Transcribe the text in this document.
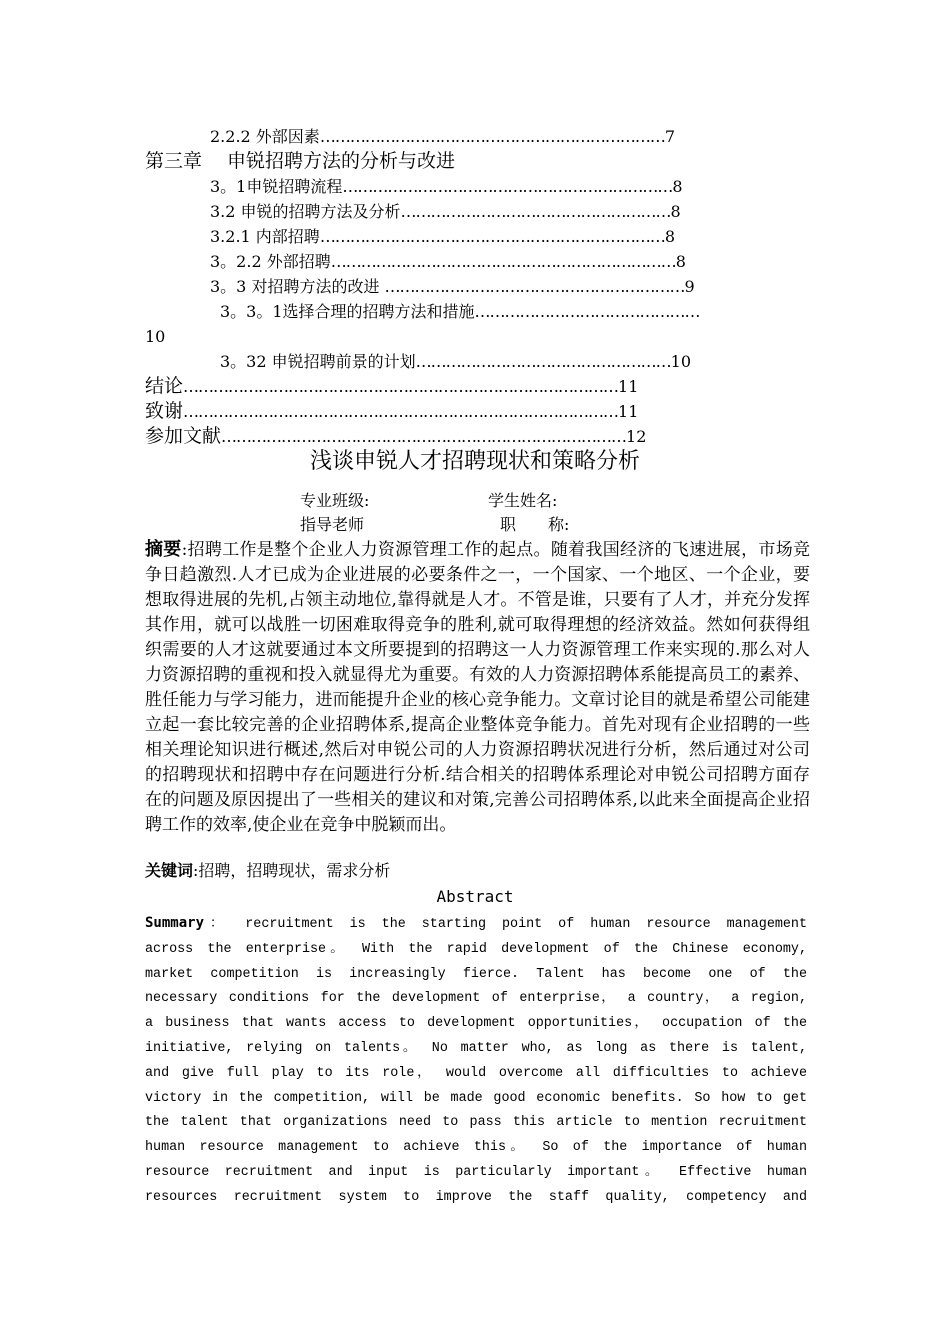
2.2.2 外部因素……………………………………………………………7
第三章　 申锐招聘方法的分析与改进
3。1申锐招聘流程…………………………………………………………8
3.2 申锐的招聘方法及分析………………………………………………8
3.2.1 内部招聘……………………………………………………………8
3。2.2 外部招聘……………………………………………………………8
3。3 对招聘方法的改进 ……………………………………………………9
3。3。1选择合理的招聘方法和措施………………………………………
10
3。32 申锐招聘前景的计划……………………………………………10
结论……………………………………………………………………………11
致谢……………………………………………………………………………11
参加文献………………………………………………………………………12
浅谈申锐人才招聘现状和策略分析
专业班级:	学生姓名:
指导老师	职　　称:
摘要:招聘工作是整个企业人力资源管理工作的起点。随着我国经济的飞速进展，市场竞争日趋激烈.人才已成为企业进展的必要条件之一，一个国家、一个地区、一个企业，要想取得进展的先机,占领主动地位,靠得就是人才。不管是谁，只要有了人才，并充分发挥其作用，就可以战胜一切困难取得竞争的胜利,就可取得理想的经济效益。然如何获得组织需要的人才这就要通过本文所要提到的招聘这一人力资源管理工作来实现的.那么对人力资源招聘的重视和投入就显得尤为重要。有效的人力资源招聘体系能提高员工的素养、胜任能力与学习能力，进而能提升企业的核心竞争能力。文章讨论目的就是希望公司能建立起一套比较完善的企业招聘体系,提高企业整体竞争能力。首先对现有企业招聘的一些相关理论知识进行概述,然后对申锐公司的人力资源招聘状况进行分析，然后通过对公司的招聘现状和招聘中存在问题进行分析.结合相关的招聘体系理论对申锐公司招聘方面存在的问题及原因提出了一些相关的建议和对策,完善公司招聘体系,以此来全面提高企业招聘工作的效率,使企业在竞争中脱颖而出。
关键词:招聘，招聘现状，需求分析
Abstract
Summary： recruitment is the starting point of human resource management
across the enterprise。 With the rapid development of the Chinese economy,
market competition is increasingly fierce. Talent has become one of the
necessary conditions for the development of enterprise， a country， a region,
a business that wants access to development opportunities， occupation of the
initiative, relying on talents。 No matter who, as long as there is talent,
and give full play to its role， would overcome all difficulties to achieve
victory in the competition, will be made good economic benefits. So how to get
the talent that organizations need to pass this article to mention recruitment
human resource management to achieve this。 So of the importance of human
resource recruitment and input is particularly important。 Effective human
resources recruitment system to improve the staff quality, competency and
